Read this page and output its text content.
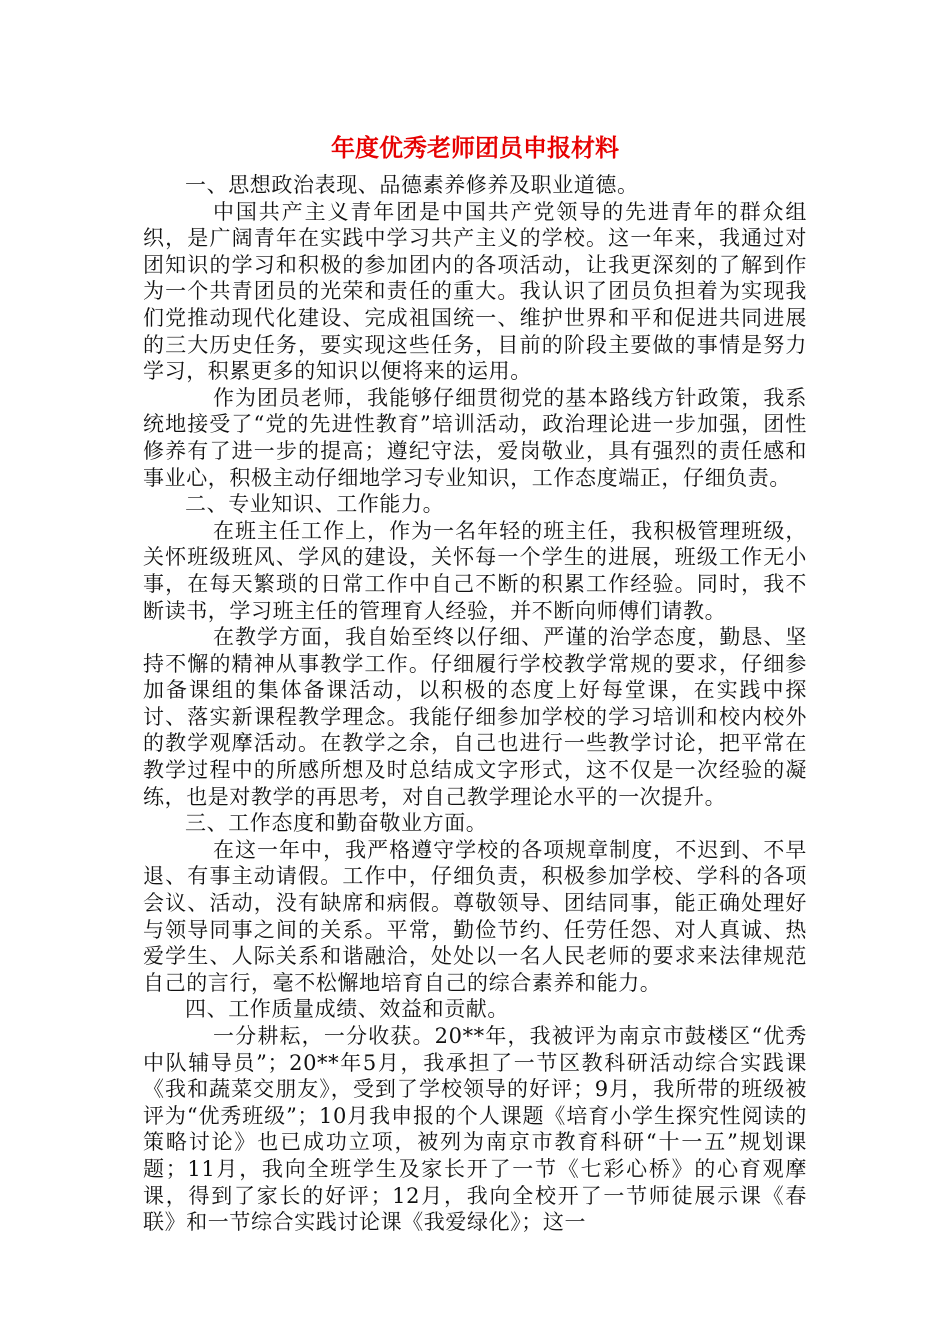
年度优秀老师团员申报材料

一、思想政治表现、品德素养修养及职业道德。

中国共产主义青年团是中国共产党领导的先进青年的群众组织，是广阔青年在实践中学习共产主义的学校。这一年来，我通过对团知识的学习和积极的参加团内的各项活动，让我更深刻的了解到作为一个共青团员的光荣和责任的重大。我认识了团员负担着为实现我们党推动现代化建设、完成祖国统一、维护世界和平和促进共同进展的三大历史任务，要实现这些任务，目前的阶段主要做的事情是努力学习，积累更多的知识以便将来的运用。

作为团员老师，我能够仔细贯彻党的基本路线方针政策，我系统地接受了“党的先进性教育”培训活动，政治理论进一步加强，团性修养有了进一步的提高；遵纪守法，爱岗敬业，具有强烈的责任感和事业心，积极主动仔细地学习专业知识，工作态度端正，仔细负责。

二、专业知识、工作能力。

在班主任工作上，作为一名年轻的班主任，我积极管理班级，关怀班级班风、学风的建设，关怀每一个学生的进展，班级工作无小事，在每天繁琐的日常工作中自己不断的积累工作经验。同时，我不断读书，学习班主任的管理育人经验，并不断向师傅们请教。

在教学方面，我自始至终以仔细、严谨的治学态度，勤恳、坚持不懈的精神从事教学工作。仔细履行学校教学常规的要求，仔细参加备课组的集体备课活动，以积极的态度上好每堂课，在实践中探讨、落实新课程教学理念。我能仔细参加学校的学习培训和校内校外的教学观摩活动。在教学之余，自己也进行一些教学讨论，把平常在教学过程中的所感所想及时总结成文字形式，这不仅是一次经验的凝练，也是对教学的再思考，对自己教学理论水平的一次提升。

三、工作态度和勤奋敬业方面。

在这一年中，我严格遵守学校的各项规章制度，不迟到、不早退、有事主动请假。工作中，仔细负责，积极参加学校、学科的各项会议、活动，没有缺席和病假。尊敬领导、团结同事，能正确处理好与领导同事之间的关系。平常，勤俭节约、任劳任怨、对人真诚、热爱学生、人际关系和谐融洽，处处以一名人民老师的要求来法律规范自己的言行，毫不松懈地培育自己的综合素养和能力。

四、工作质量成绩、效益和贡献。

一分耕耘，一分收获。20**年，我被评为南京市鼓楼区“优秀中队辅导员”；20**年5月，我承担了一节区教科研活动综合实践课《我和蔬菜交朋友》，受到了学校领导的好评；9月，我所带的班级被评为“优秀班级”；10月我申报的个人课题《培育小学生探究性阅读的策略讨论》也已成功立项，被列为南京市教育科研“十一五”规划课题；11月，我向全班学生及家长开了一节《七彩心桥》的心育观摩课，得到了家长的好评；12月，我向全校开了一节师徒展示课《春联》和一节综合实践讨论课《我爱绿化》；这一
